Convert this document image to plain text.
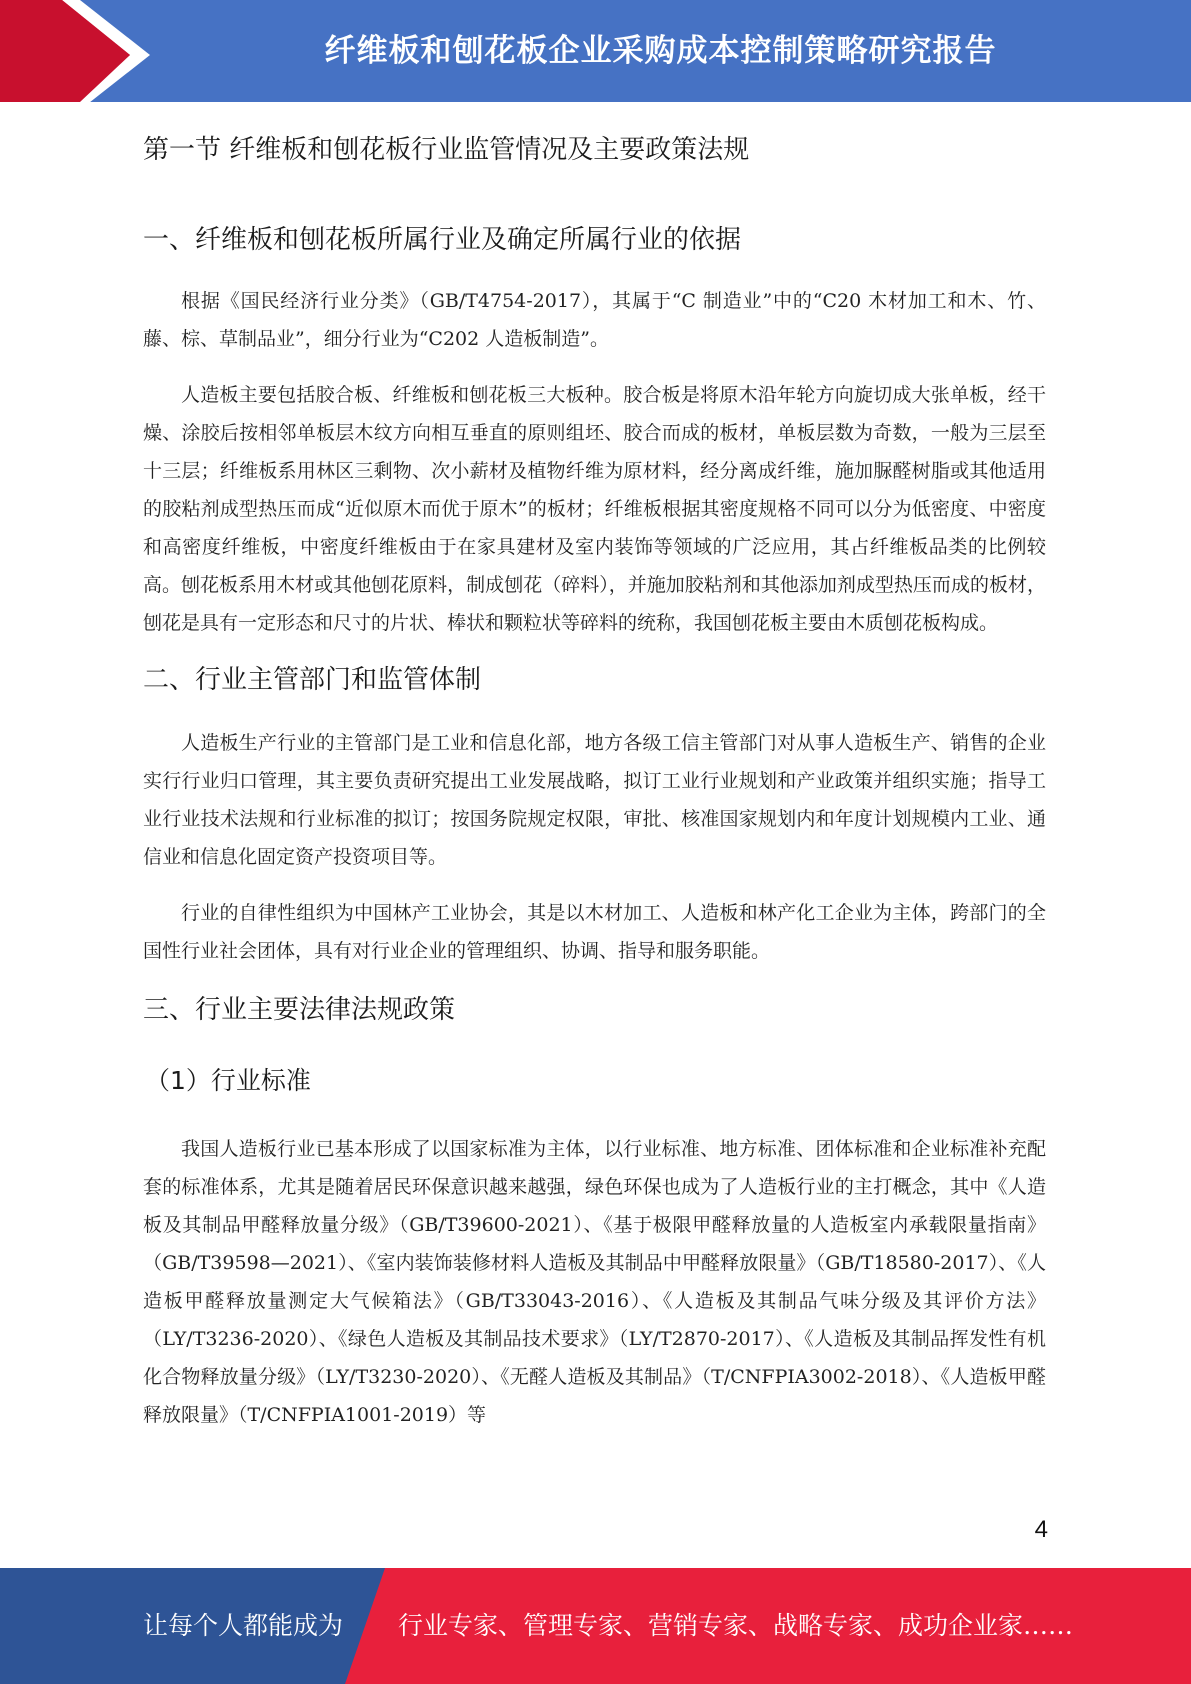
纤维板和刨花板企业采购成本控制策略研究报告
第一节 纤维板和刨花板行业监管情况及主要政策法规
一、纤维板和刨花板所属行业及确定所属行业的依据

根据《国民经济行业分类》（GB/T4754-2017），其属于“C 制造业”中的“C20 木材加工和木、竹、藤、棕、草制品业”，细分行业为“C202 人造板制造”。

人造板主要包括胶合板、纤维板和刨花板三大板种。胶合板是将原木沿年轮方向旋切成大张单板，经干燥、涂胶后按相邻单板层木纹方向相互垂直的原则组坯、胶合而成的板材，单板层数为奇数，一般为三层至十三层；纤维板系用林区三剩物、次小薪材及植物纤维为原材料，经分离成纤维，施加脲醛树脂或其他适用的胶粘剂成型热压而成“近似原木而优于原木”的板材；纤维板根据其密度规格不同可以分为低密度、中密度和高密度纤维板，中密度纤维板由于在家具建材及室内装饰等领域的广泛应用，其占纤维板品类的比例较高。刨花板系用木材或其他刨花原料，制成刨花（碎料），并施加胶粘剂和其他添加剂成型热压而成的板材，刨花是具有一定形态和尺寸的片状、棒状和颗粒状等碎料的统称，我国刨花板主要由木质刨花板构成。

二、行业主管部门和监管体制

人造板生产行业的主管部门是工业和信息化部，地方各级工信主管部门对从事人造板生产、销售的企业实行行业归口管理，其主要负责研究提出工业发展战略，拟订工业行业规划和产业政策并组织实施；指导工业行业技术法规和行业标准的拟订；按国务院规定权限，审批、核准国家规划内和年度计划规模内工业、通信业和信息化固定资产投资项目等。

行业的自律性组织为中国林产工业协会，其是以木材加工、人造板和林产化工企业为主体，跨部门的全国性行业社会团体，具有对行业企业的管理组织、协调、指导和服务职能。

三、行业主要法律法规政策
（1）行业标准

我国人造板行业已基本形成了以国家标准为主体，以行业标准、地方标准、团体标准和企业标准补充配套的标准体系，尤其是随着居民环保意识越来越强，绿色环保也成为了人造板行业的主打概念，其中《人造板及其制品甲醛释放量分级》（GB/T39600-2021）、《基于极限甲醛释放量的人造板室内承载限量指南》（GB/T39598—2021）、《室内装饰装修材料人造板及其制品中甲醛释放限量》（GB/T18580-2017）、《人造板甲醛释放量测定大气候箱法》（GB/T33043-2016）、《人造板及其制品气味分级及其评价方法》（LY/T3236-2020）、《绿色人造板及其制品技术要求》（LY/T2870-2017）、《人造板及其制品挥发性有机化合物释放量分级》（LY/T3230-2020）、《无醛人造板及其制品》（T/CNFPIA3002-2018）、《人造板甲醛释放限量》（T/CNFPIA1001-2019）等

4
让每个人都能成为 行业专家、管理专家、营销专家、战略专家、成功企业家……
